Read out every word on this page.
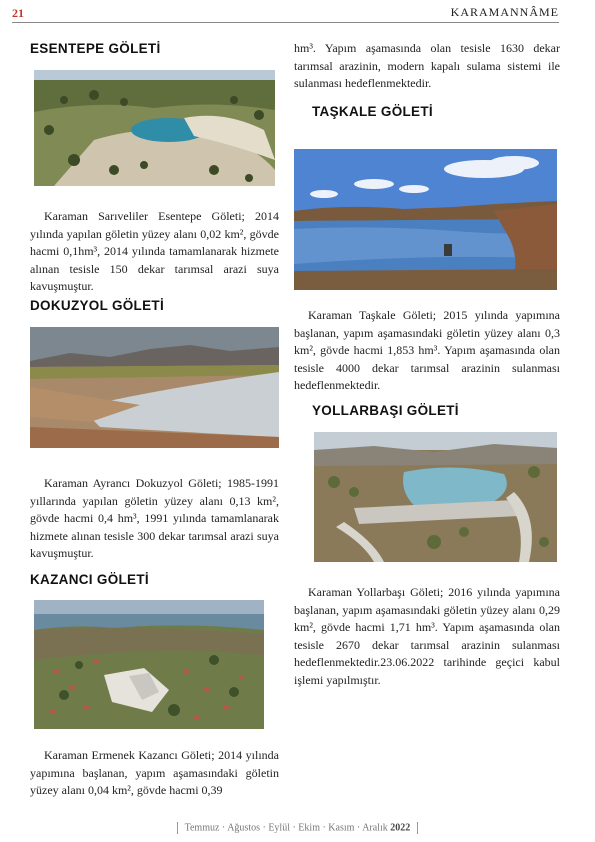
21	KARAMANNÂME
ESENTEPE GÖLETİ
Karaman Sarıveliler Esentepe Göleti; 2014 yılında yapılan göletin yüzey alanı 0,02 km², gövde hacmi 0,1hm³, 2014 yılında tamamlanarak hizmete alınan tesisle 150 dekar tarımsal arazi suya kavuşmuştur.
DOKUZYOL GÖLETİ
Karaman Ayrancı Dokuzyol Göleti; 1985-1991 yıllarında yapılan göletin yüzey alanı 0,13 km², gövde hacmi 0,4 hm³, 1991 yılında tamamlanarak hizmete alınan tesisle 300 dekar tarımsal arazi suya kavuşmuştur.
KAZANCI GÖLETİ
Karaman Ermenek Kazancı Göleti; 2014 yılında yapımına başlanan, yapım aşamasındaki göletin yüzey alanı 0,04 km², gövde hacmi 0,39
hm³. Yapım aşamasında olan tesisle 1630 dekar tarımsal arazinin, modern kapalı sulama sistemi ile sulanması hedeflenmektedir.
TAŞKALE GÖLETİ
Karaman Taşkale Göleti; 2015 yılında yapımına başlanan, yapım aşamasındaki göletin yüzey alanı 0,3 km², gövde hacmi 1,853 hm³. Yapım aşamasında olan tesisle 4000 dekar tarımsal arazinin sulanması hedeflenmektedir.
YOLLARBAŞI GÖLETİ
Karaman Yollarbaşı Göleti; 2016 yılında yapımına başlanan, yapım aşamasındaki göletin yüzey alanı 0,29 km², gövde hacmi 1,71 hm³. Yapım aşamasında olan tesisle 2670 dekar tarımsal arazinin sulanması hedeflenmektedir.23.06.2022 tarihinde geçici kabul işlemi yapılmıştır.
Temmuz · Ağustos · Eylül · Ekim · Kasım · Aralık 2022
